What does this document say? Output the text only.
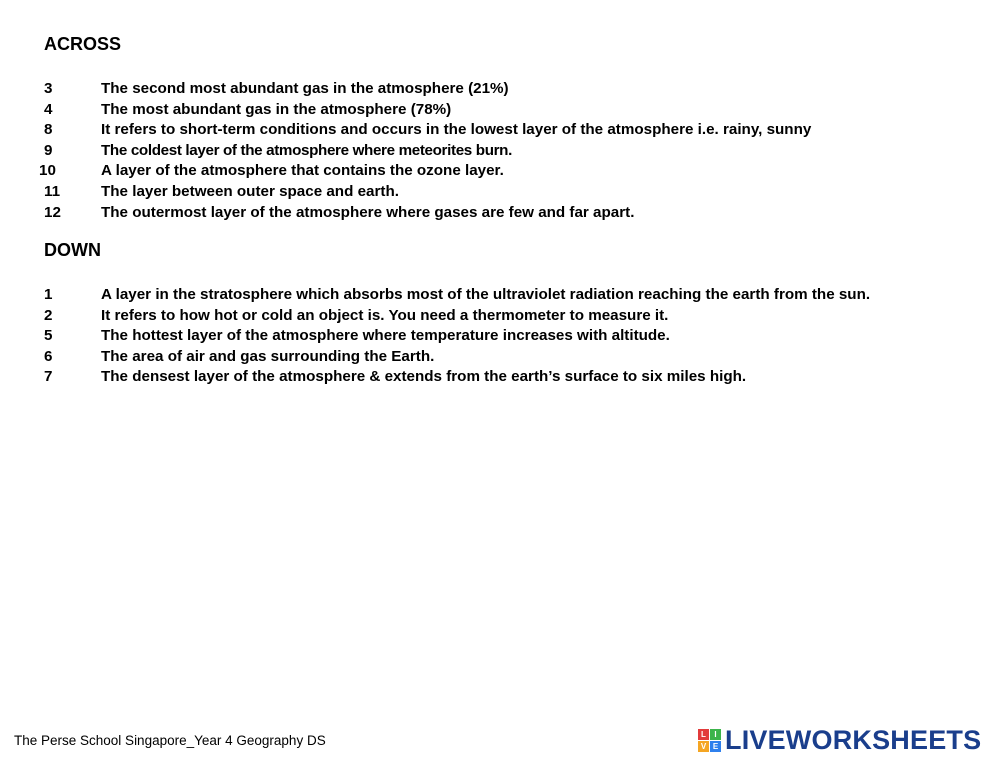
ACROSS
3	The second most abundant gas in the atmosphere (21%)
4	The most abundant gas in the atmosphere (78%)
8	It refers to short-term conditions and occurs in the lowest layer of the atmosphere i.e. rainy, sunny
9	The coldest layer of the atmosphere where meteorites burn.
10	A layer of the atmosphere that contains the ozone layer.
11	The layer between outer space and earth.
12	The outermost layer of the atmosphere where gases are few and far apart.
DOWN
1	A layer in the stratosphere which absorbs most of the ultraviolet radiation reaching the earth from the sun.
2	It refers to how hot or cold an object is. You need a thermometer to measure it.
5	The hottest layer of the atmosphere where temperature increases with altitude.
6	The area of air and gas surrounding the Earth.
7	The densest layer of the atmosphere & extends from the earth’s surface to six miles high.
The Perse School Singapore_Year 4 Geography DS	L	I
V E LIVEWORKSHEETS
